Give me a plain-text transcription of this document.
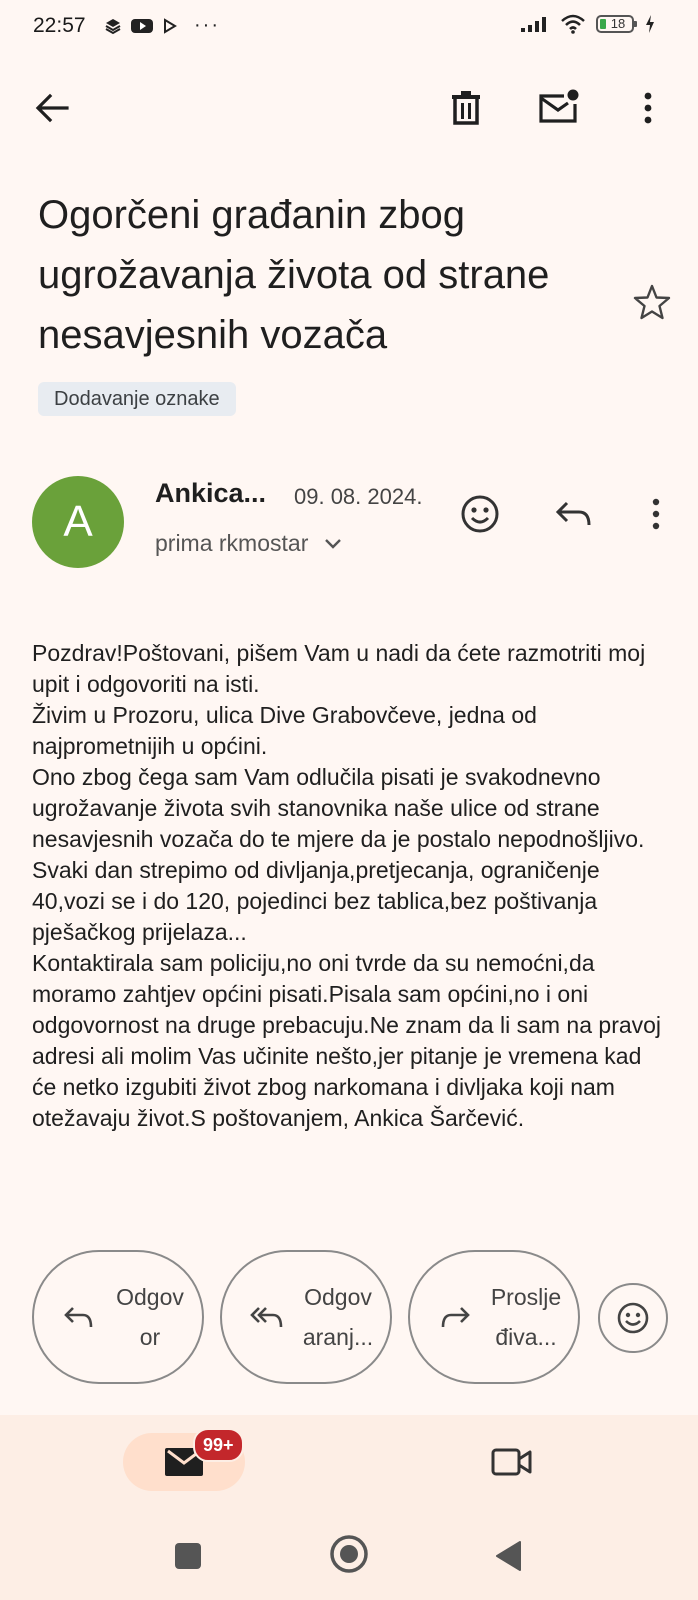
22:57	···	18
Ogorčeni građanin zbog ugrožavanja života od strane nesavjesnih vozača
Dodavanje oznake
A
Ankica... 09. 08. 2024.
prima rkmostar
Pozdrav!Poštovani, pišem Vam u nadi da ćete razmotriti moj upit i odgovoriti na isti.
Živim u Prozoru, ulica Dive Grabovčeve, jedna od najprometnijih u općini.
Ono zbog čega sam Vam odlučila pisati je svakodnevno ugrožavanje života svih stanovnika naše ulice od strane nesavjesnih vozača do te mjere da je postalo nepodnošljivo.
Svaki dan strepimo od divljanja,pretjecanja, ograničenje 40,vozi se i do 120, pojedinci bez tablica,bez poštivanja pješačkog prijelaza...
Kontaktirala sam policiju,no oni tvrde da su nemoćni,da moramo zahtjev općini pisati.Pisala sam općini,no i oni odgovornost na druge prebacuju.Ne znam da li sam na pravoj adresi ali molim Vas učinite nešto,jer pitanje je vremena kad će netko izgubiti život zbog narkomana i divljaka koji nam otežavaju život.S poštovanjem, Ankica Šarčević.
Odgov
or
Odgov
aranj...
Proslje
điva...
99+
